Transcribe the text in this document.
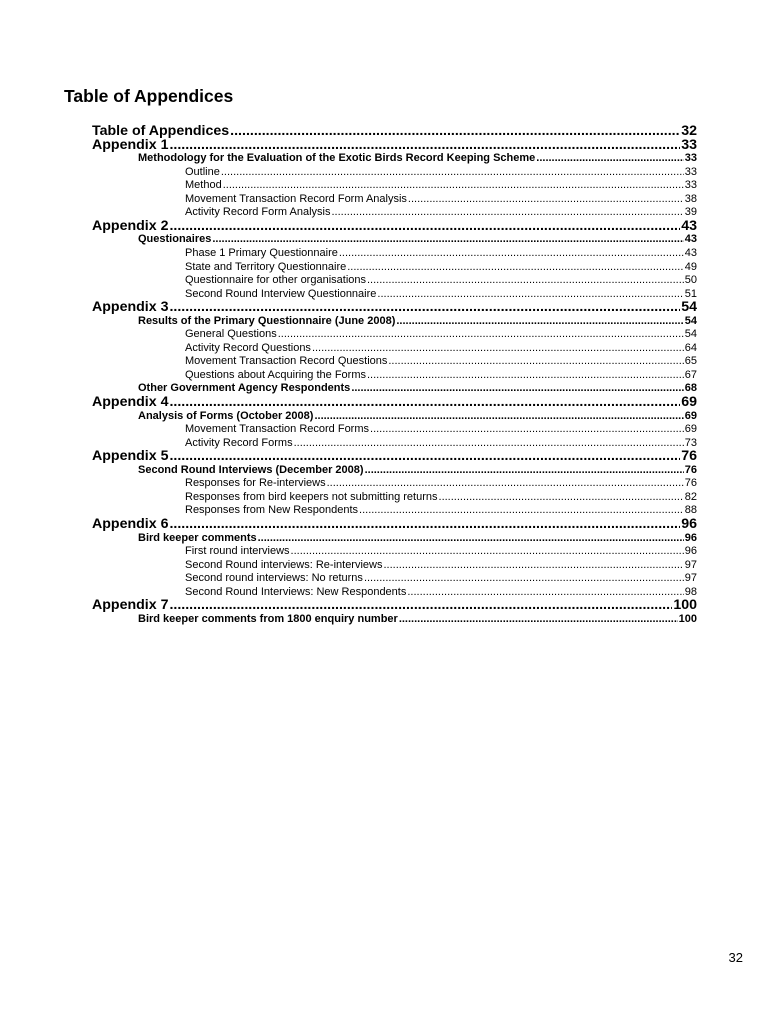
Table of Appendices
Table of Appendices .....	32
Appendix 1 .....	33
Methodology for the Evaluation of the Exotic Birds Record Keeping Scheme .....	33
Outline .....	33
Method .....	33
Movement Transaction Record Form Analysis .....	38
Activity Record Form Analysis .....	39
Appendix 2 .....	43
Questionaires .....	43
Phase 1 Primary Questionnaire .....	43
State and Territory Questionnaire .....	49
Questionnaire for other organisations .....	50
Second Round Interview Questionnaire .....	51
Appendix 3 .....	54
Results of the Primary Questionnaire (June 2008) .....	54
General Questions .....	54
Activity Record Questions .....	64
Movement Transaction Record Questions .....	65
Questions about Acquiring the Forms .....	67
Other Government Agency Respondents .....	68
Appendix 4 .....	69
Analysis of Forms (October 2008) .....	69
Movement Transaction Record Forms .....	69
Activity Record Forms .....	73
Appendix 5 .....	76
Second Round Interviews (December 2008) .....	76
Responses for Re-interviews .....	76
Responses from bird keepers not submitting returns .....	82
Responses from New Respondents .....	88
Appendix 6 .....	96
Bird keeper comments .....	96
First round interviews .....	96
Second Round interviews: Re-interviews .....	97
Second round interviews: No returns .....	97
Second Round Interviews: New Respondents .....	98
Appendix 7 .....	100
Bird keeper comments from 1800 enquiry number .....	100
32
